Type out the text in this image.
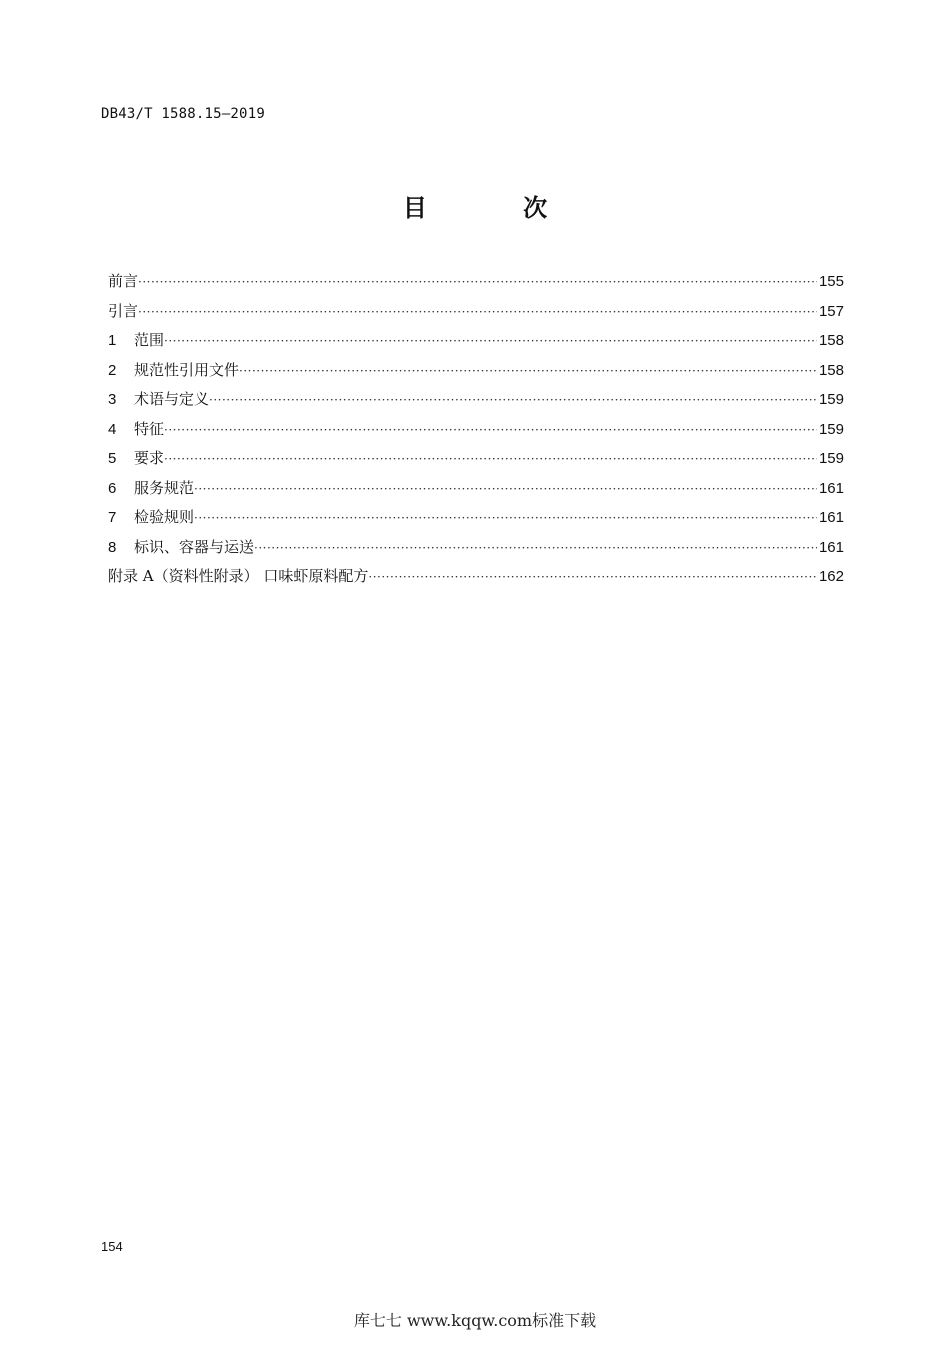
DB43/T 1588.15—2019
目 次
前言 ·····	155
引言 ·····	157
1	范围 ·····	158
2	规范性引用文件 ·····	158
3	术语与定义 ·····	159
4	特征 ·····	159
5	要求 ·····	159
6	服务规范 ·····	161
7	检验规则 ·····	161
8	标识、容器与运送 ·····	161
附录 A（资料性附录） 口味虾原料配方 ·····	162
154
库七七 www.kqqw.com标准下载
